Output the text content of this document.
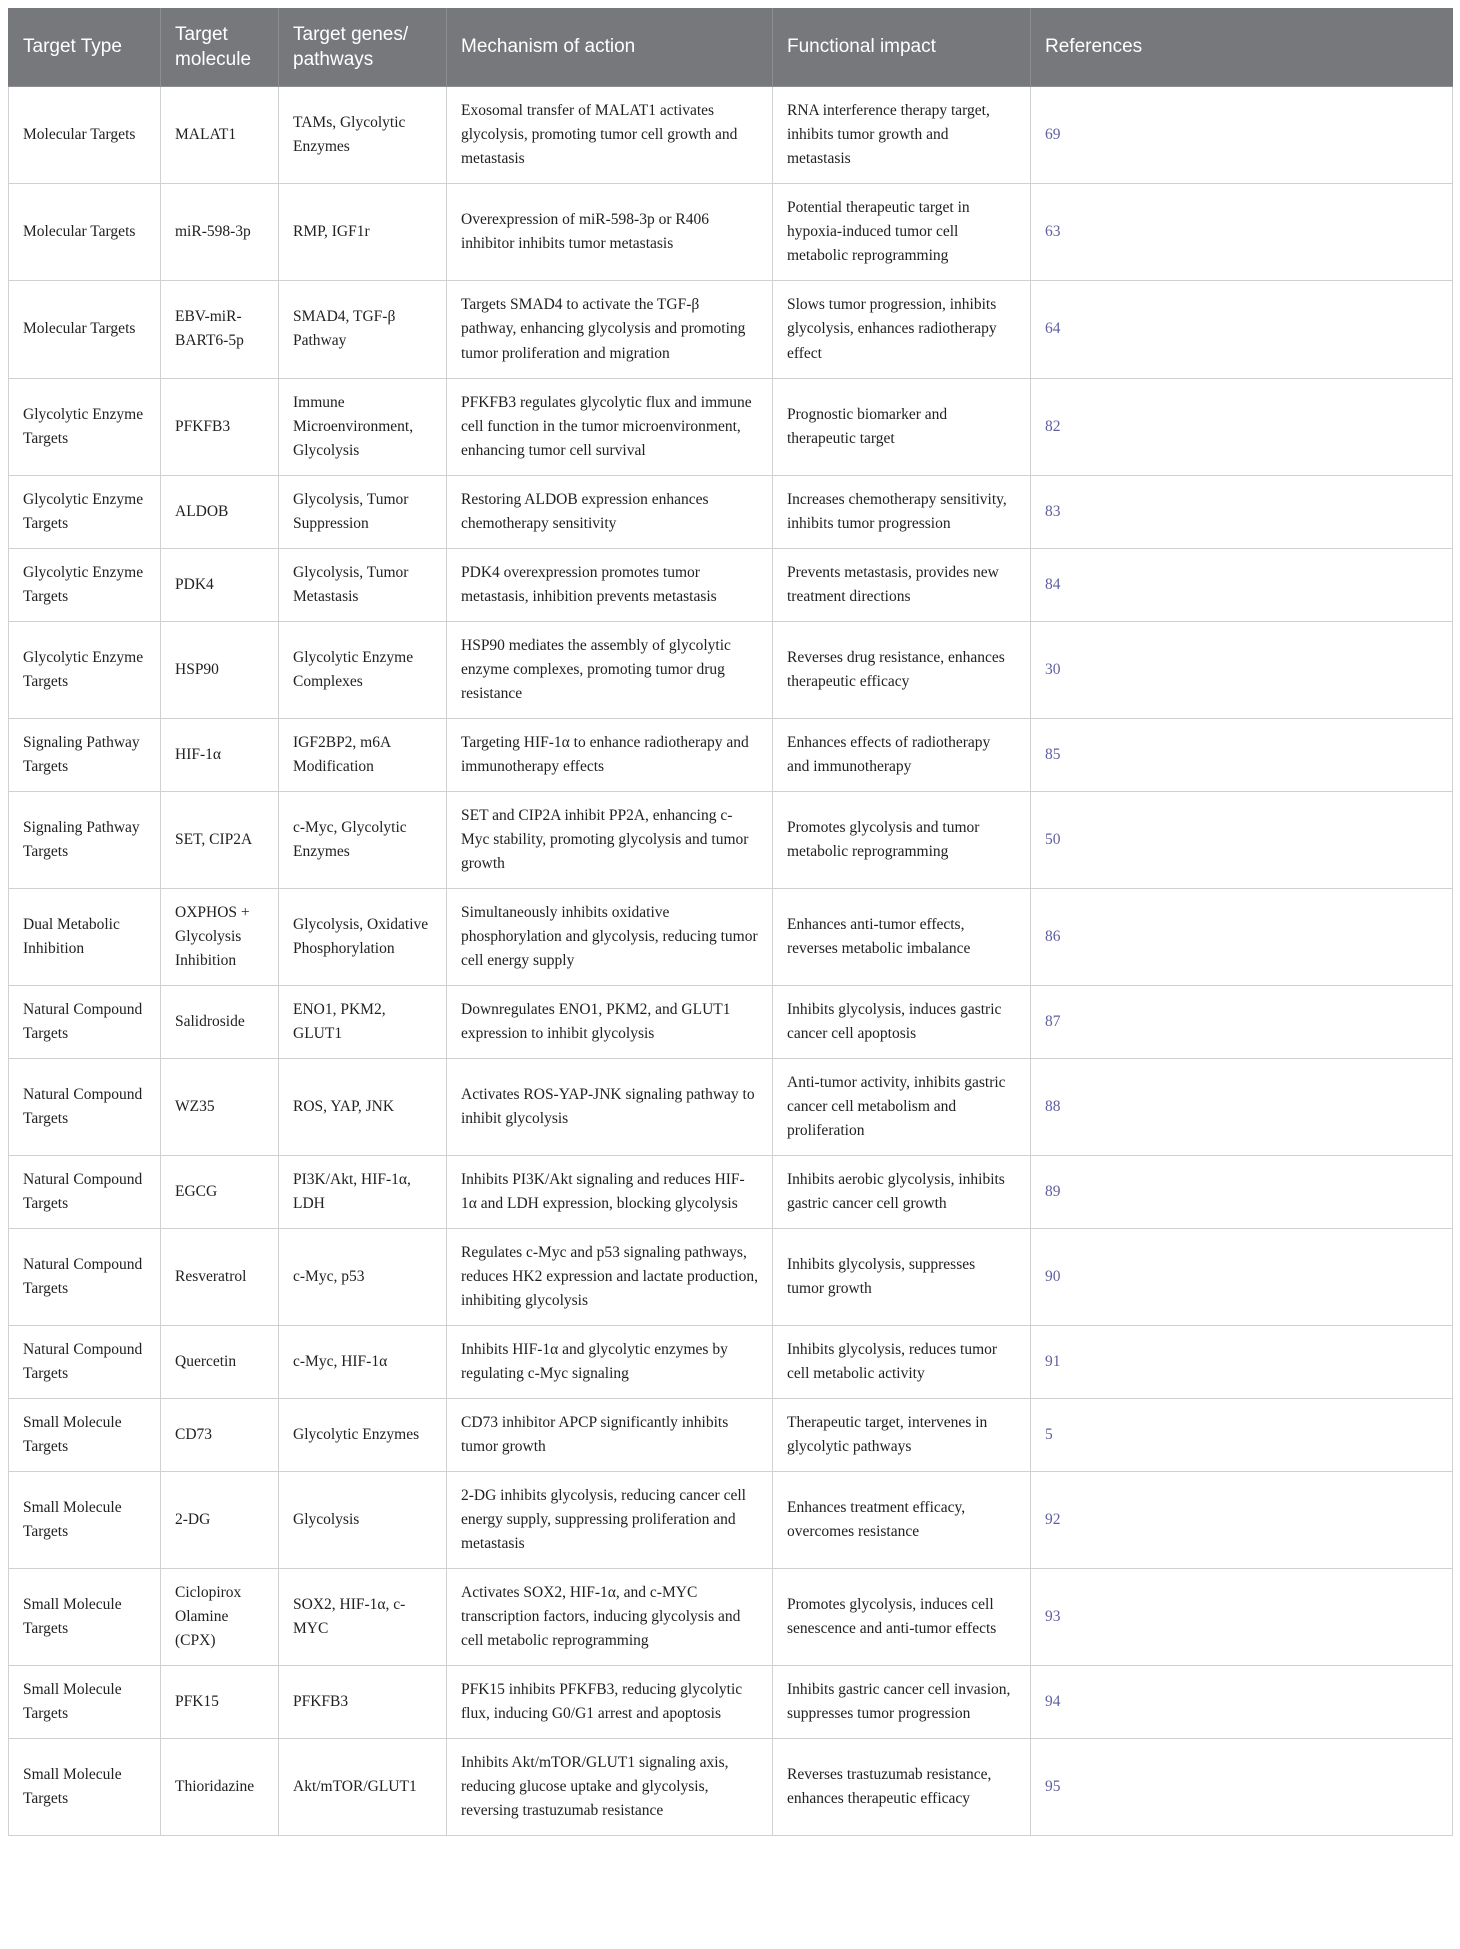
Target Type	Target molecule	Target genes/ pathways	Mechanism of action	Functional impact	References
Molecular Targets	MALAT1	TAMs, Glycolytic Enzymes	Exosomal transfer of MALAT1 activates glycolysis, promoting tumor cell growth and metastasis	RNA interference therapy target, inhibits tumor growth and metastasis	69
Molecular Targets	miR-598-3p	RMP, IGF1r	Overexpression of miR-598-3p or R406 inhibitor inhibits tumor metastasis	Potential therapeutic target in hypoxia-induced tumor cell metabolic reprogramming	63
Molecular Targets	EBV-miR-BART6-5p	SMAD4, TGF-β Pathway	Targets SMAD4 to activate the TGF-β pathway, enhancing glycolysis and promoting tumor proliferation and migration	Slows tumor progression, inhibits glycolysis, enhances radiotherapy effect	64
Glycolytic Enzyme Targets	PFKFB3	Immune Microenvironment, Glycolysis	PFKFB3 regulates glycolytic flux and immune cell function in the tumor microenvironment, enhancing tumor cell survival	Prognostic biomarker and therapeutic target	82
Glycolytic Enzyme Targets	ALDOB	Glycolysis, Tumor Suppression	Restoring ALDOB expression enhances chemotherapy sensitivity	Increases chemotherapy sensitivity, inhibits tumor progression	83
Glycolytic Enzyme Targets	PDK4	Glycolysis, Tumor Metastasis	PDK4 overexpression promotes tumor metastasis, inhibition prevents metastasis	Prevents metastasis, provides new treatment directions	84
Glycolytic Enzyme Targets	HSP90	Glycolytic Enzyme Complexes	HSP90 mediates the assembly of glycolytic enzyme complexes, promoting tumor drug resistance	Reverses drug resistance, enhances therapeutic efficacy	30
Signaling Pathway Targets	HIF-1α	IGF2BP2, m6A Modification	Targeting HIF-1α to enhance radiotherapy and immunotherapy effects	Enhances effects of radiotherapy and immunotherapy	85
Signaling Pathway Targets	SET, CIP2A	c-Myc, Glycolytic Enzymes	SET and CIP2A inhibit PP2A, enhancing c-Myc stability, promoting glycolysis and tumor growth	Promotes glycolysis and tumor metabolic reprogramming	50
Dual Metabolic Inhibition	OXPHOS + Glycolysis Inhibition	Glycolysis, Oxidative Phosphorylation	Simultaneously inhibits oxidative phosphorylation and glycolysis, reducing tumor cell energy supply	Enhances anti-tumor effects, reverses metabolic imbalance	86
Natural Compound Targets	Salidroside	ENO1, PKM2, GLUT1	Downregulates ENO1, PKM2, and GLUT1 expression to inhibit glycolysis	Inhibits glycolysis, induces gastric cancer cell apoptosis	87
Natural Compound Targets	WZ35	ROS, YAP, JNK	Activates ROS-YAP-JNK signaling pathway to inhibit glycolysis	Anti-tumor activity, inhibits gastric cancer cell metabolism and proliferation	88
Natural Compound Targets	EGCG	PI3K/Akt, HIF-1α, LDH	Inhibits PI3K/Akt signaling and reduces HIF-1α and LDH expression, blocking glycolysis	Inhibits aerobic glycolysis, inhibits gastric cancer cell growth	89
Natural Compound Targets	Resveratrol	c-Myc, p53	Regulates c-Myc and p53 signaling pathways, reduces HK2 expression and lactate production, inhibiting glycolysis	Inhibits glycolysis, suppresses tumor growth	90
Natural Compound Targets	Quercetin	c-Myc, HIF-1α	Inhibits HIF-1α and glycolytic enzymes by regulating c-Myc signaling	Inhibits glycolysis, reduces tumor cell metabolic activity	91
Small Molecule Targets	CD73	Glycolytic Enzymes	CD73 inhibitor APCP significantly inhibits tumor growth	Therapeutic target, intervenes in glycolytic pathways	5
Small Molecule Targets	2-DG	Glycolysis	2-DG inhibits glycolysis, reducing cancer cell energy supply, suppressing proliferation and metastasis	Enhances treatment efficacy, overcomes resistance	92
Small Molecule Targets	Ciclopirox Olamine (CPX)	SOX2, HIF-1α, c-MYC	Activates SOX2, HIF-1α, and c-MYC transcription factors, inducing glycolysis and cell metabolic reprogramming	Promotes glycolysis, induces cell senescence and anti-tumor effects	93
Small Molecule Targets	PFK15	PFKFB3	PFK15 inhibits PFKFB3, reducing glycolytic flux, inducing G0/G1 arrest and apoptosis	Inhibits gastric cancer cell invasion, suppresses tumor progression	94
Small Molecule Targets	Thioridazine	Akt/mTOR/GLUT1	Inhibits Akt/mTOR/GLUT1 signaling axis, reducing glucose uptake and glycolysis, reversing trastuzumab resistance	Reverses trastuzumab resistance, enhances therapeutic efficacy	95
